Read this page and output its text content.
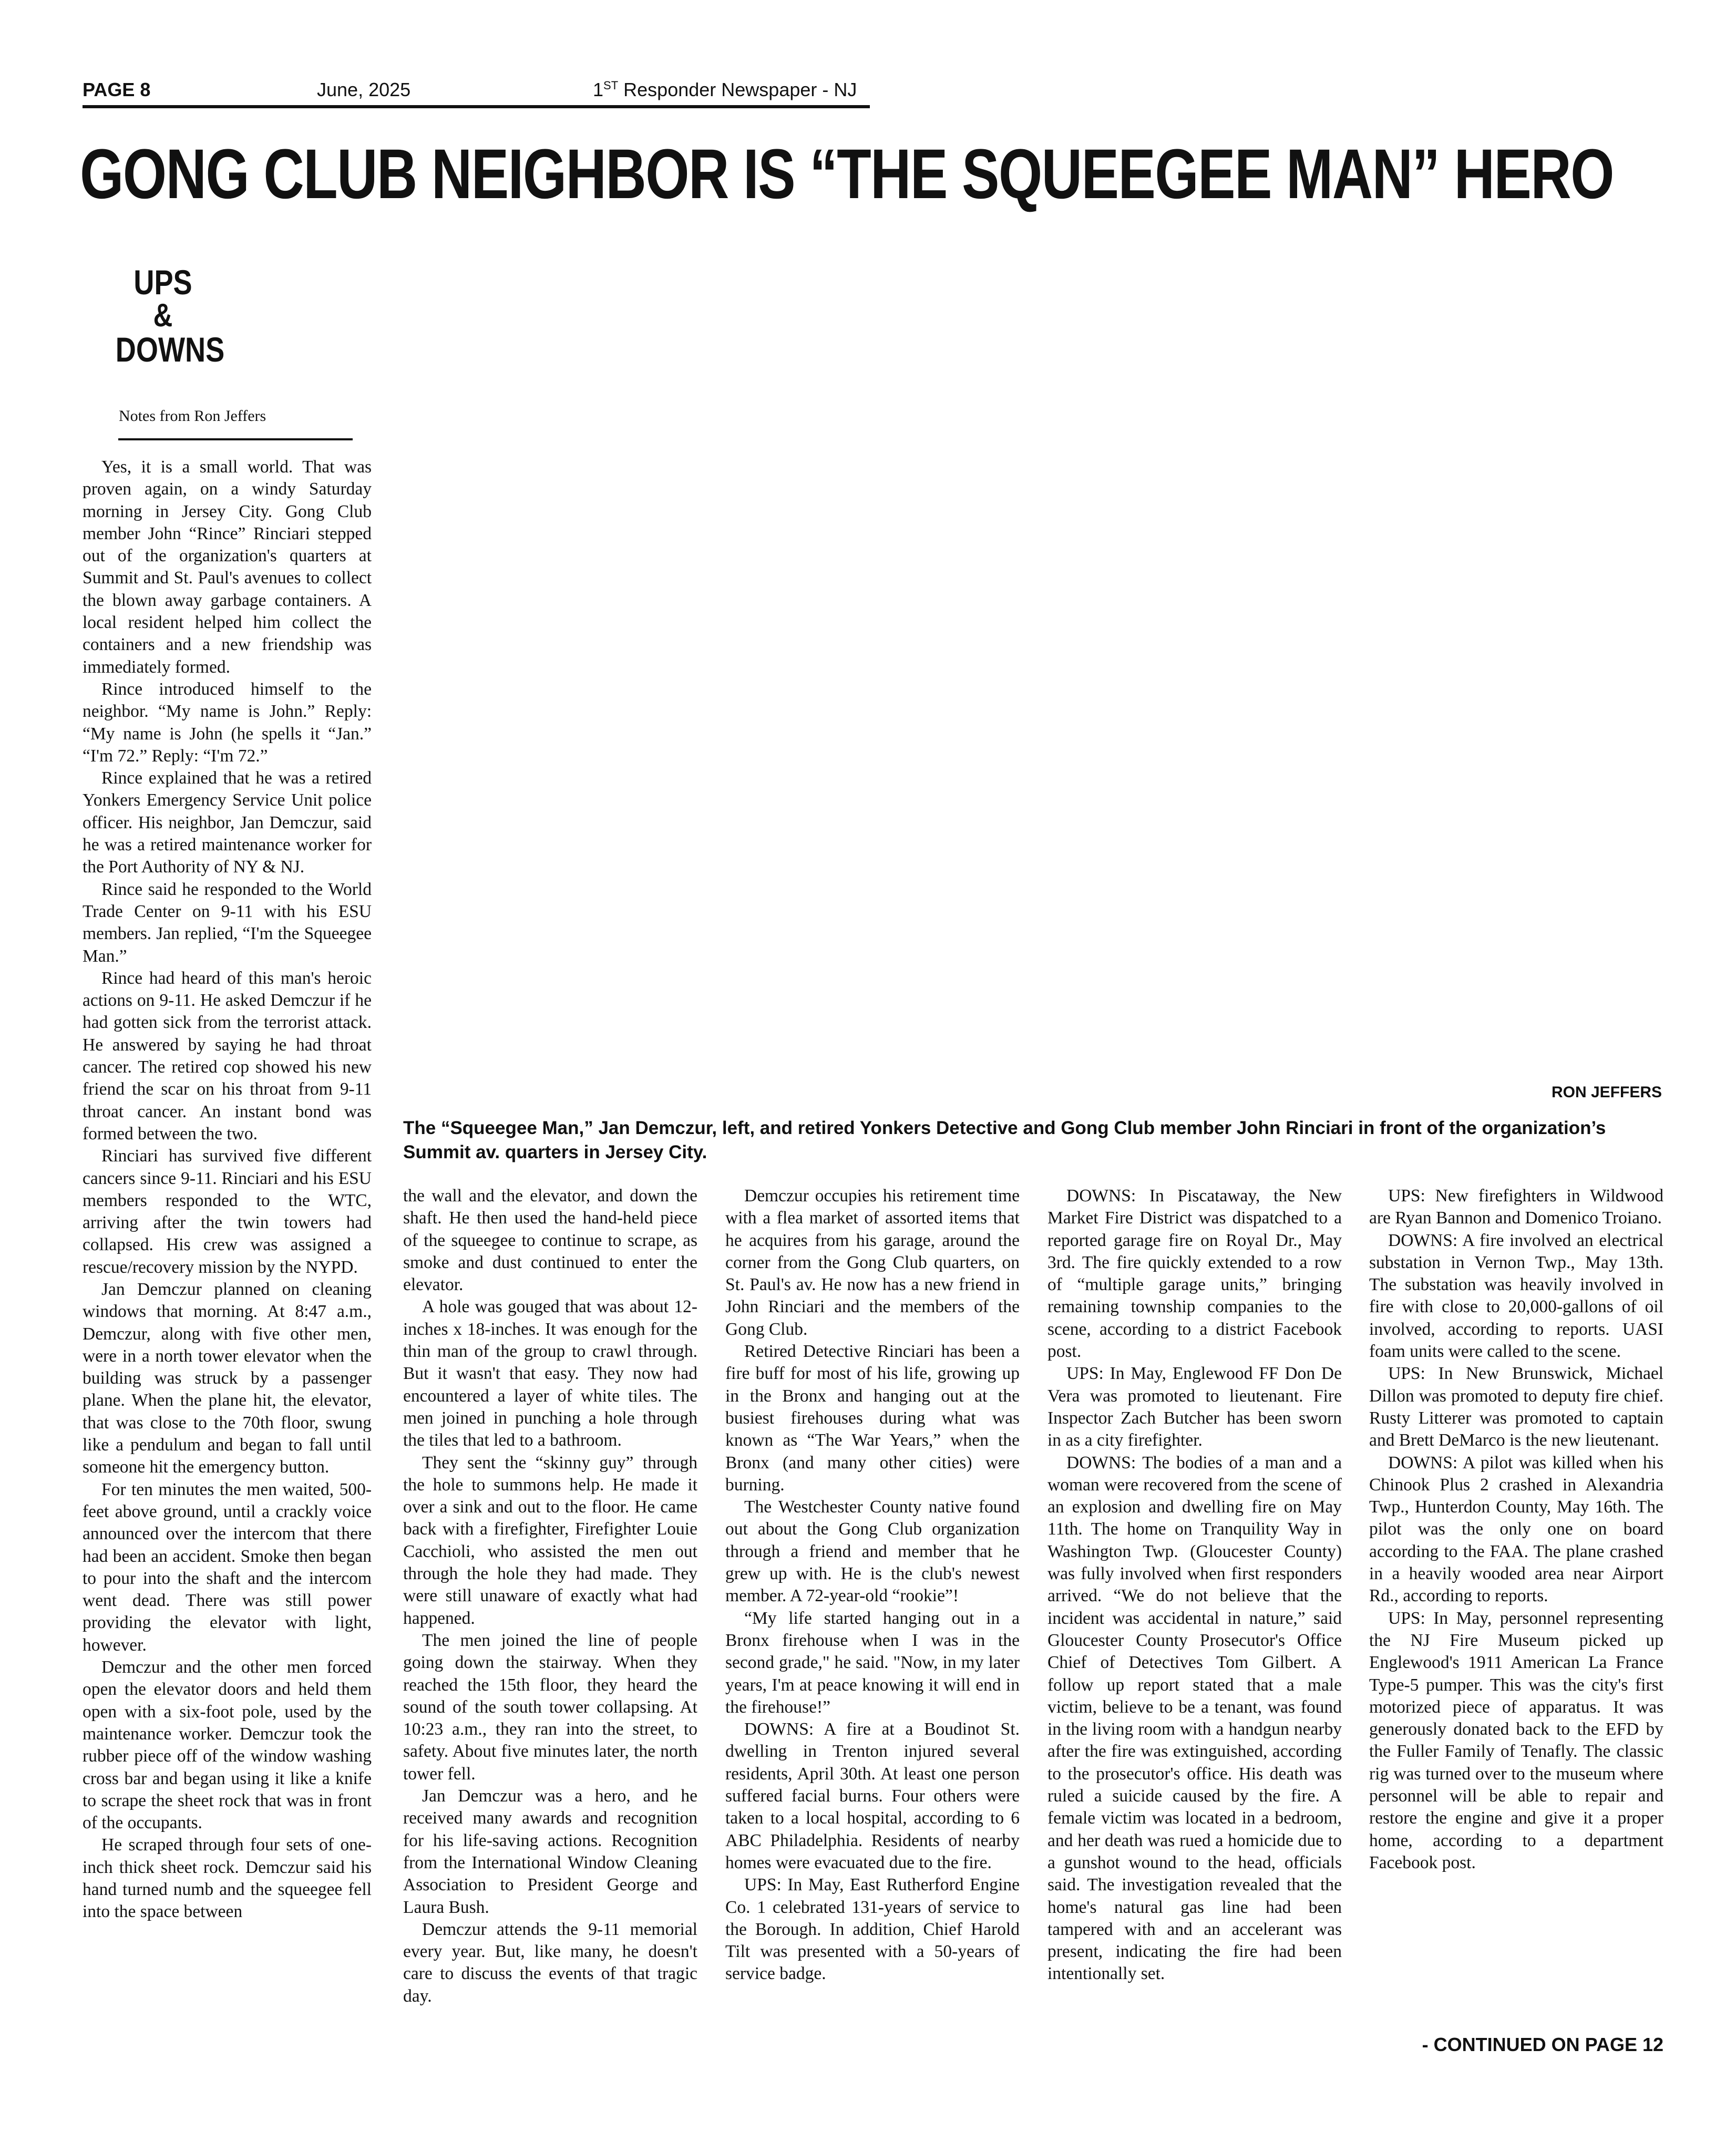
PAGE 8	June, 2025	1ST Responder Newspaper - NJ
GONG CLUB NEIGHBOR IS “THE SQUEEGEE MAN” HERO
UPS
&
DOWNS
Notes from Ron Jeffers
RON JEFFERS
The “Squeegee Man,” Jan Demczur, left, and retired Yonkers Detective and Gong Club member John Rinciari in front of the organization’s Summit av. quarters in Jersey City.

Yes, it is a small world. That was proven again, on a windy Saturday morning in Jersey City. Gong Club member John “Rince” Rinciari stepped out of the organization's quarters at Summit and St. Paul's avenues to collect the blown away garbage containers. A local resident helped him collect the containers and a new friendship was immediately formed.

Rince introduced himself to the neighbor. “My name is John.” Reply: “My name is John (he spells it “Jan.” “I'm 72.” Reply: “I'm 72.”

Rince explained that he was a retired Yonkers Emergency Service Unit police officer. His neighbor, Jan Demczur, said he was a retired maintenance worker for the Port Authority of NY & NJ.

Rince said he responded to the World Trade Center on 9-11 with his ESU members. Jan replied, “I'm the Squeegee Man.”

Rince had heard of this man's heroic actions on 9-11. He asked Demczur if he had gotten sick from the terrorist attack. He answered by saying he had throat cancer. The retired cop showed his new friend the scar on his throat from 9-11 throat cancer. An instant bond was formed between the two.

Rinciari has survived five different cancers since 9-11. Rinciari and his ESU members responded to the WTC, arriving after the twin towers had collapsed. His crew was assigned a rescue/recovery mission by the NYPD.

Jan Demczur planned on cleaning windows that morning. At 8:47 a.m., Demczur, along with five other men, were in a north tower elevator when the building was struck by a passenger plane. When the plane hit, the elevator, that was close to the 70th floor, swung like a pendulum and began to fall until someone hit the emergency button.

For ten minutes the men waited, 500-feet above ground, until a crackly voice announced over the intercom that there had been an accident. Smoke then began to pour into the shaft and the intercom went dead. There was still power providing the elevator with light, however.

Demczur and the other men forced open the elevator doors and held them open with a six-foot pole, used by the maintenance worker. Demczur took the rubber piece off of the window washing cross bar and began using it like a knife to scrape the sheet rock that was in front of the occupants.

He scraped through four sets of one-inch thick sheet rock. Demczur said his hand turned numb and the squeegee fell into the space between

the wall and the elevator, and down the shaft. He then used the hand-held piece of the squeegee to continue to scrape, as smoke and dust continued to enter the elevator.

A hole was gouged that was about 12-inches x 18-inches. It was enough for the thin man of the group to crawl through. But it wasn't that easy. They now had encountered a layer of white tiles. The men joined in punching a hole through the tiles that led to a bathroom.

They sent the “skinny guy” through the hole to summons help. He made it over a sink and out to the floor. He came back with a firefighter, Firefighter Louie Cacchioli, who assisted the men out through the hole they had made. They were still unaware of exactly what had happened.

The men joined the line of people going down the stairway. When they reached the 15th floor, they heard the sound of the south tower collapsing. At 10:23 a.m., they ran into the street, to safety. About five minutes later, the north tower fell.

Jan Demczur was a hero, and he received many awards and recognition for his life-saving actions. Recognition from the International Window Cleaning Association to President George and Laura Bush.

Demczur attends the 9-11 memorial every year. But, like many, he doesn't care to discuss the events of that tragic day.

Demczur occupies his retirement time with a flea market of assorted items that he acquires from his garage, around the corner from the Gong Club quarters, on St. Paul's av. He now has a new friend in John Rinciari and the members of the Gong Club.

Retired Detective Rinciari has been a fire buff for most of his life, growing up in the Bronx and hanging out at the busiest firehouses during what was known as “The War Years,” when the Bronx (and many other cities) were burning.

The Westchester County native found out about the Gong Club organization through a friend and member that he grew up with. He is the club's newest member. A 72-year-old “rookie”!

“My life started hanging out in a Bronx firehouse when I was in the second grade," he said. "Now, in my later years, I'm at peace knowing it will end in the firehouse!”

DOWNS: A fire at a Boudinot St. dwelling in Trenton injured several residents, April 30th. At least one person suffered facial burns. Four others were taken to a local hospital, according to 6 ABC Philadelphia. Residents of nearby homes were evacuated due to the fire.

UPS: In May, East Rutherford Engine Co. 1 celebrated 131-years of service to the Borough. In addition, Chief Harold Tilt was presented with a 50-years of service badge.

DOWNS: In Piscataway, the New Market Fire District was dispatched to a reported garage fire on Royal Dr., May 3rd. The fire quickly extended to a row of “multiple garage units,” bringing remaining township companies to the scene, according to a district Facebook post.

UPS: In May, Englewood FF Don De Vera was promoted to lieutenant. Fire Inspector Zach Butcher has been sworn in as a city firefighter.

DOWNS: The bodies of a man and a woman were recovered from the scene of an explosion and dwelling fire on May 11th. The home on Tranquility Way in Washington Twp. (Gloucester County) was fully involved when first responders arrived. “We do not believe that the incident was accidental in nature,” said Gloucester County Prosecutor's Office Chief of Detectives Tom Gilbert. A follow up report stated that a male victim, believe to be a tenant, was found in the living room with a handgun nearby after the fire was extinguished, according to the prosecutor's office. His death was ruled a suicide caused by the fire. A female victim was located in a bedroom, and her death was rued a homicide due to a gunshot wound to the head, officials said. The investigation revealed that the home's natural gas line had been tampered with and an accelerant was present, indicating the fire had been intentionally set.

UPS: New firefighters in Wildwood are Ryan Bannon and Domenico Troiano.

DOWNS: A fire involved an electrical substation in Vernon Twp., May 13th. The substation was heavily involved in fire with close to 20,000-gallons of oil involved, according to reports. UASI foam units were called to the scene.

UPS: In New Brunswick, Michael Dillon was promoted to deputy fire chief. Rusty Litterer was promoted to captain and Brett DeMarco is the new lieutenant.

DOWNS: A pilot was killed when his Chinook Plus 2 crashed in Alexandria Twp., Hunterdon County, May 16th. The pilot was the only one on board according to the FAA. The plane crashed in a heavily wooded area near Airport Rd., according to reports.

UPS: In May, personnel representing the NJ Fire Museum picked up Englewood's 1911 American La France Type-5 pumper. This was the city's first motorized piece of apparatus. It was generously donated back to the EFD by the Fuller Family of Tenafly. The classic rig was turned over to the museum where personnel will be able to repair and restore the engine and give it a proper home, according to a department Facebook post.

- CONTINUED ON PAGE 12
